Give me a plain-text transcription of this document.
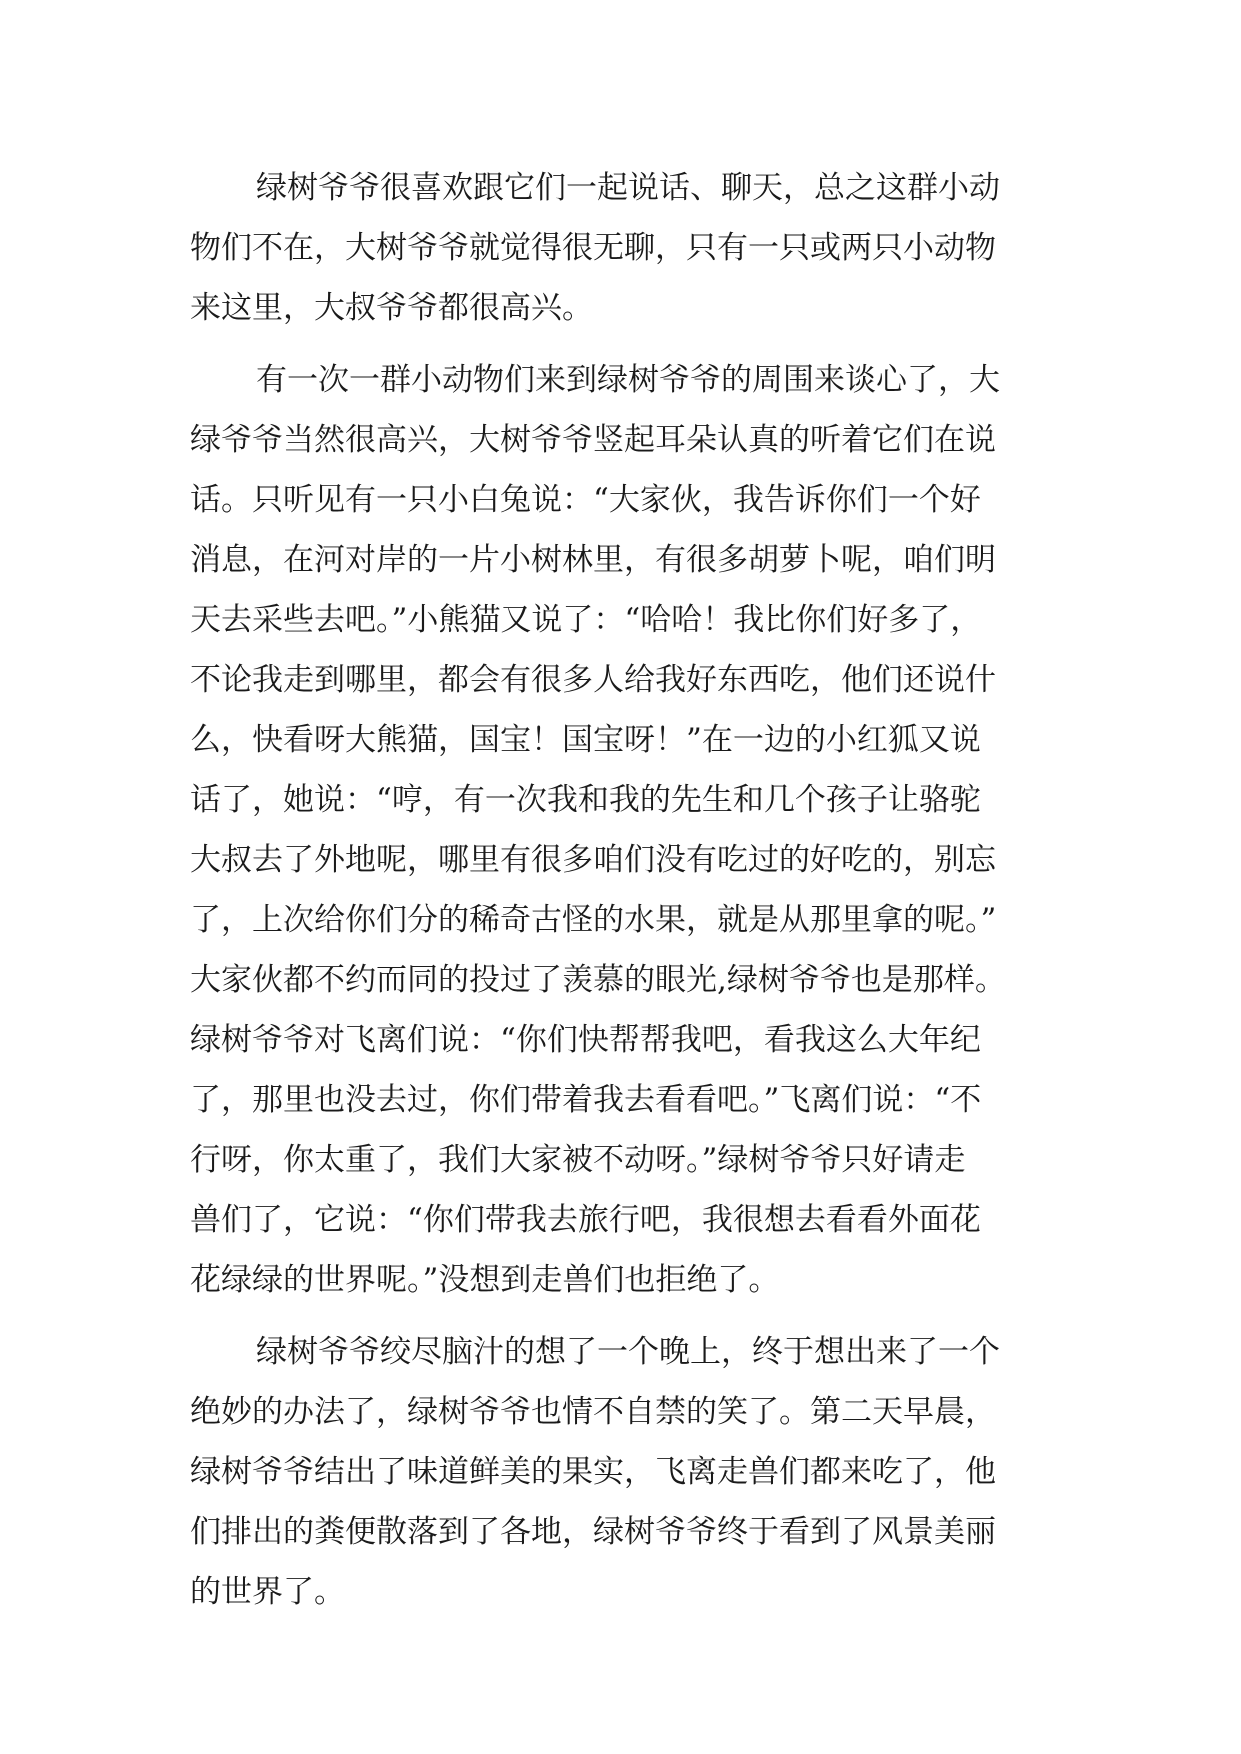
绿树爷爷很喜欢跟它们一起说话、聊天，总之这群小动
物们不在，大树爷爷就觉得很无聊，只有一只或两只小动物
来这里，大叔爷爷都很高兴。
有一次一群小动物们来到绿树爷爷的周围来谈心了，大
绿爷爷当然很高兴，大树爷爷竖起耳朵认真的听着它们在说
话。只听见有一只小白兔说：“大家伙，我告诉你们一个好
消息，在河对岸的一片小树林里，有很多胡萝卜呢，咱们明
天去采些去吧。”小熊猫又说了：“哈哈！我比你们好多了，
不论我走到哪里，都会有很多人给我好东西吃，他们还说什
么，快看呀大熊猫，国宝！国宝呀！”在一边的小红狐又说
话了，她说：“哼，有一次我和我的先生和几个孩子让骆驼
大叔去了外地呢，哪里有很多咱们没有吃过的好吃的，别忘
了，上次给你们分的稀奇古怪的水果，就是从那里拿的呢。”
大家伙都不约而同的投过了羡慕的眼光,绿树爷爷也是那样。
绿树爷爷对飞离们说：“你们快帮帮我吧，看我这么大年纪
了，那里也没去过，你们带着我去看看吧。”飞离们说：“不
行呀，你太重了，我们大家被不动呀。”绿树爷爷只好请走
兽们了，它说：“你们带我去旅行吧，我很想去看看外面花
花绿绿的世界呢。”没想到走兽们也拒绝了。
绿树爷爷绞尽脑汁的想了一个晚上，终于想出来了一个
绝妙的办法了，绿树爷爷也情不自禁的笑了。第二天早晨，
绿树爷爷结出了味道鲜美的果实，飞离走兽们都来吃了，他
们排出的粪便散落到了各地，绿树爷爷终于看到了风景美丽
的世界了。
